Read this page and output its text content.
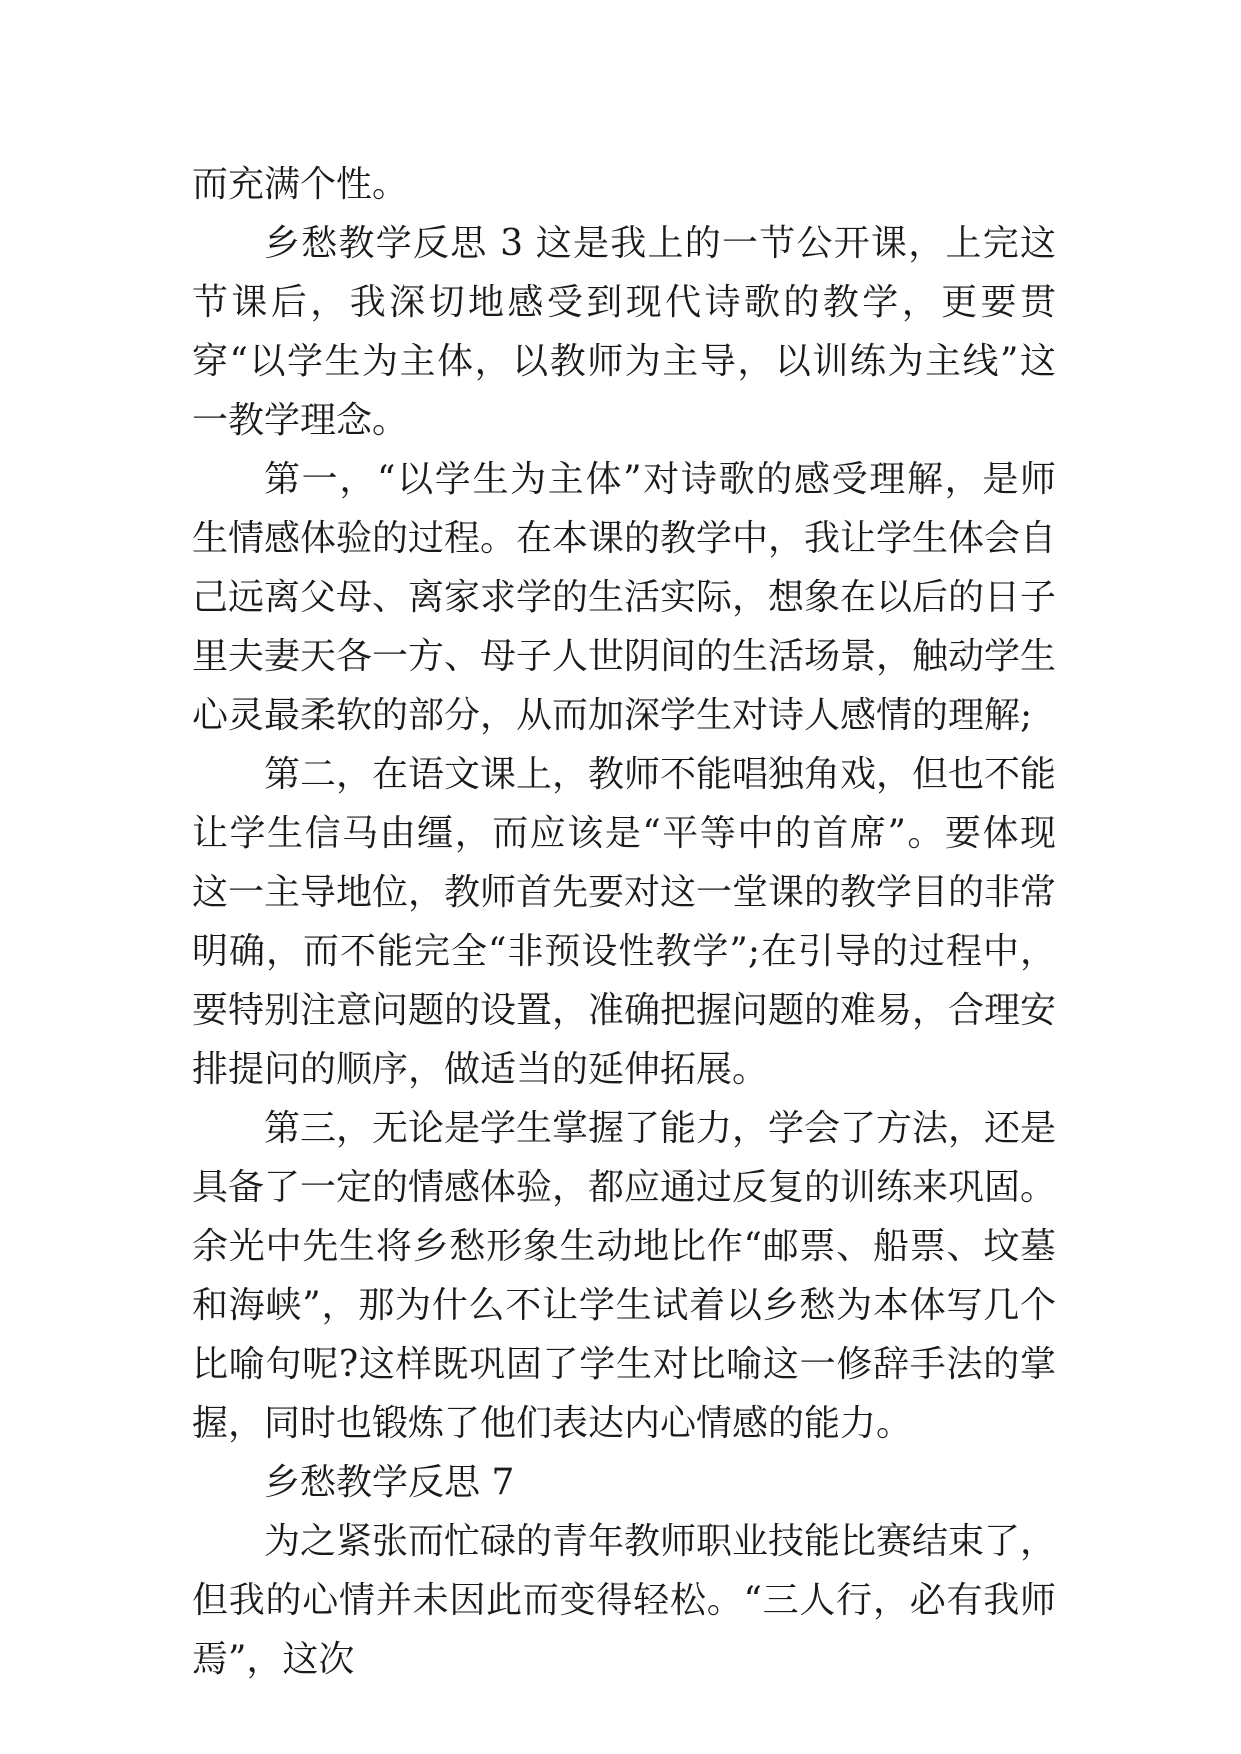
而充满个性。

乡愁教学反思 3 这是我上的一节公开课，上完这节课后，我深切地感受到现代诗歌的教学，更要贯穿“以学生为主体，以教师为主导，以训练为主线”这一教学理念。

第一，“以学生为主体”对诗歌的感受理解，是师生情感体验的过程。在本课的教学中，我让学生体会自己远离父母、离家求学的生活实际，想象在以后的日子里夫妻天各一方、母子人世阴间的生活场景，触动学生心灵最柔软的部分，从而加深学生对诗人感情的理解;

第二，在语文课上，教师不能唱独角戏，但也不能让学生信马由缰，而应该是“平等中的首席”。要体现这一主导地位，教师首先要对这一堂课的教学目的非常明确，而不能完全“非预设性教学”;在引导的过程中，要特别注意问题的设置，准确把握问题的难易，合理安排提问的顺序，做适当的延伸拓展。

第三，无论是学生掌握了能力，学会了方法，还是具备了一定的情感体验，都应通过反复的训练来巩固。余光中先生将乡愁形象生动地比作“邮票、船票、坟墓和海峡”，那为什么不让学生试着以乡愁为本体写几个比喻句呢?这样既巩固了学生对比喻这一修辞手法的掌握，同时也锻炼了他们表达内心情感的能力。

乡愁教学反思 7

为之紧张而忙碌的青年教师职业技能比赛结束了，但我的心情并未因此而变得轻松。“三人行，必有我师焉”，这次
